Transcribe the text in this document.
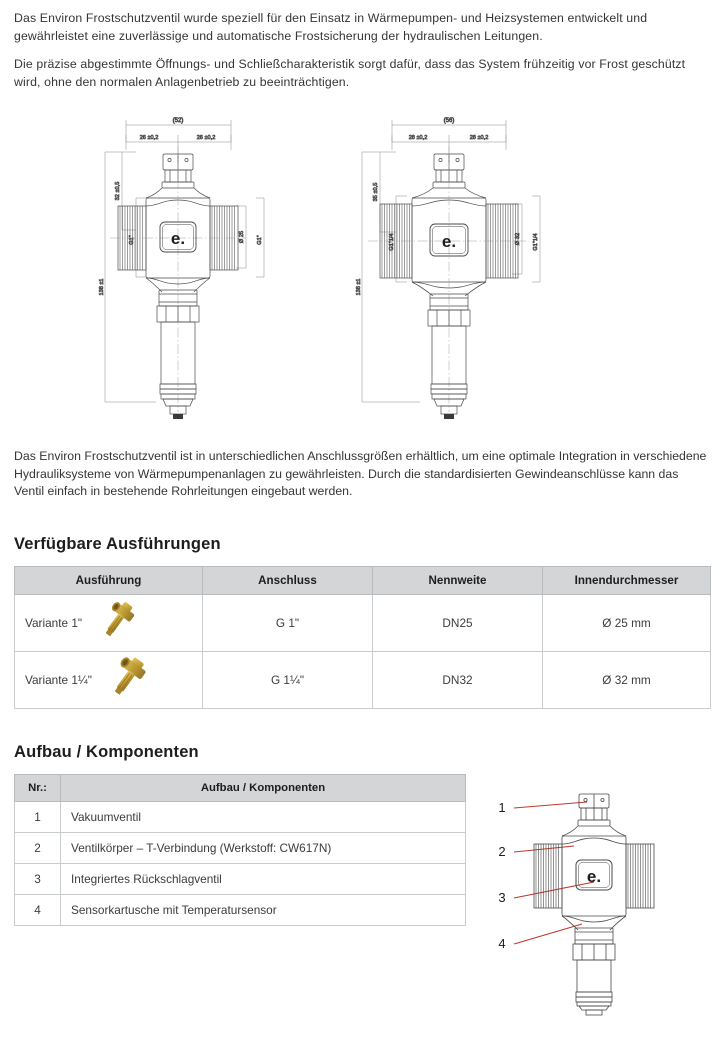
Das Environ Frostschutzventil wurde speziell für den Einsatz in Wärmepumpen- und Heizsystemen entwickelt und gewährleistet eine zuverlässige und automatische Frostsicherung der hydraulischen Leitungen.

Die präzise abgestimmte Öffnungs- und Schließcharakteristik sorgt dafür, dass das System frühzeitig vor Frost geschützt wird, ohne den normalen Anlagenbetrieb zu beeinträchtigen.

(52)
26 ±0,2	26 ±0,2
138 ±1
32 ±0,5
G1"	Ø 25 G1"
e.
(56)
28 ±0,2	28 ±0,2
138 ±1
35 ±0,5
G1"1/4	Ø 32 G1"1/4
e.

Das Environ Frostschutzventil ist in unterschiedlichen Anschlussgrößen erhältlich, um eine optimale Integration in verschiedene Hydrauliksysteme von Wärmepumpenanlagen zu gewährleisten. Durch die standardisierten Gewindeanschlüsse kann das Ventil einfach in bestehende Rohrleitungen eingebaut werden.

Verfügbare Ausführungen
Ausführung	Anschluss	Nennweite	Innendurchmesser

Variante 1"	G 1"	DN25	Ø 25 mm

Variante 1¼"	G 1¼"	DN32	Ø 32 mm
Aufbau / Komponenten
Nr.:	Aufbau / Komponenten
1	Vakuumventil
2	Ventilkörper – T-Verbindung (Werkstoff: CW617N)
3	Integriertes Rückschlagventil
4	Sensorkartusche mit Temperatursensor
1
2
3
4
e.
